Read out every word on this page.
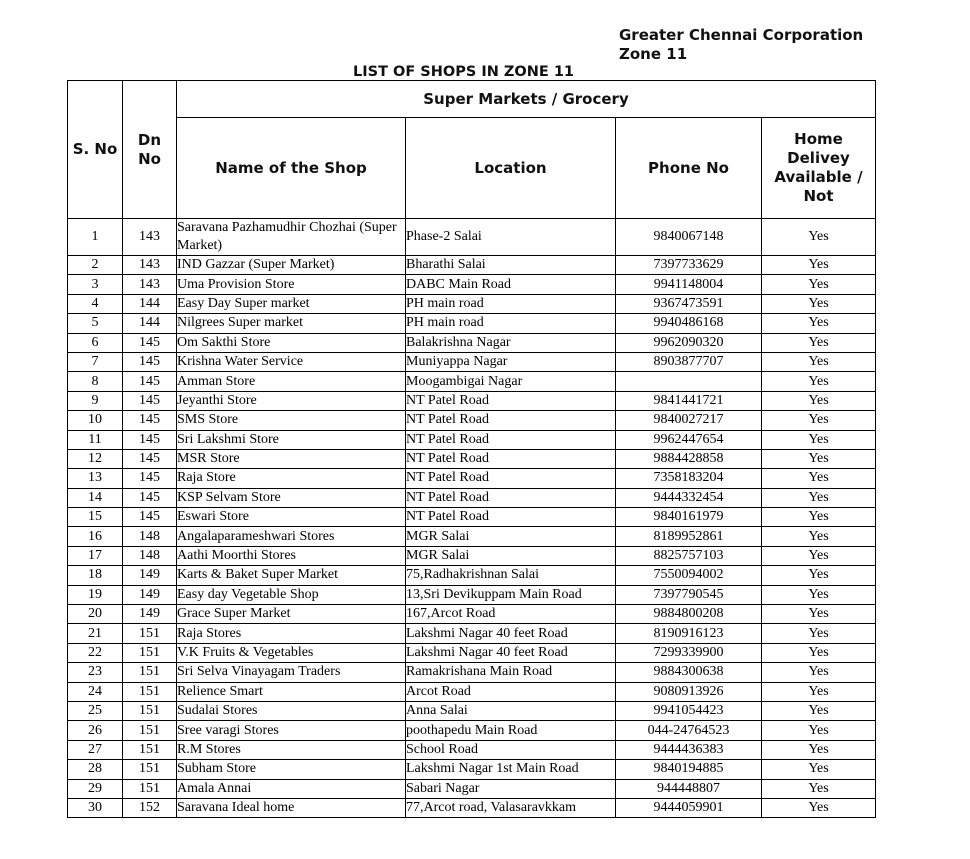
Greater Chennai Corporation
Zone 11
LIST OF SHOPS IN ZONE 11
S. No	Dn No	Super Markets / Grocery			
		Name of the Shop	Location	Phone No	Home Delivey Available / Not
1	143	Saravana Pazhamudhir Chozhai (Super Market)	Phase-2 Salai	9840067148	Yes
2	143	IND Gazzar (Super Market)	Bharathi Salai	7397733629	Yes
3	143	Uma Provision Store	DABC Main Road	9941148004	Yes
4	144	Easy Day Super market	PH main road	9367473591	Yes
5	144	Nilgrees Super market	PH main road	9940486168	Yes
6	145	Om Sakthi Store	Balakrishna Nagar	9962090320	Yes
7	145	Krishna Water Service	Muniyappa Nagar	8903877707	Yes
8	145	Amman Store	Moogambigai Nagar		Yes
9	145	Jeyanthi Store	NT Patel Road	9841441721	Yes
10	145	SMS Store	NT Patel Road	9840027217	Yes
11	145	Sri Lakshmi Store	NT Patel Road	9962447654	Yes
12	145	MSR Store	NT Patel Road	9884428858	Yes
13	145	Raja Store	NT Patel Road	7358183204	Yes
14	145	KSP Selvam Store	NT Patel Road	9444332454	Yes
15	145	Eswari Store	NT Patel Road	9840161979	Yes
16	148	Angalaparameshwari Stores	MGR Salai	8189952861	Yes
17	148	Aathi Moorthi Stores	MGR Salai	8825757103	Yes
18	149	Karts & Baket Super Market	75,Radhakrishnan Salai	7550094002	Yes
19	149	Easy day Vegetable Shop	13,Sri Devikuppam Main Road	7397790545	Yes
20	149	Grace Super Market	167,Arcot Road	9884800208	Yes
21	151	Raja Stores	Lakshmi Nagar 40 feet Road	8190916123	Yes
22	151	V.K Fruits & Vegetables	Lakshmi Nagar 40 feet Road	7299339900	Yes
23	151	Sri Selva Vinayagam Traders	Ramakrishana Main Road	9884300638	Yes
24	151	Relience Smart	Arcot Road	9080913926	Yes
25	151	Sudalai Stores	Anna Salai	9941054423	Yes
26	151	Sree varagi Stores	poothapedu Main Road	044-24764523	Yes
27	151	R.M Stores	School Road	9444436383	Yes
28	151	Subham Store	Lakshmi Nagar 1st Main Road	9840194885	Yes
29	151	Amala Annai	Sabari Nagar	944448807	Yes
30	152	Saravana Ideal home	77,Arcot road, Valasaravkkam	9444059901	Yes
